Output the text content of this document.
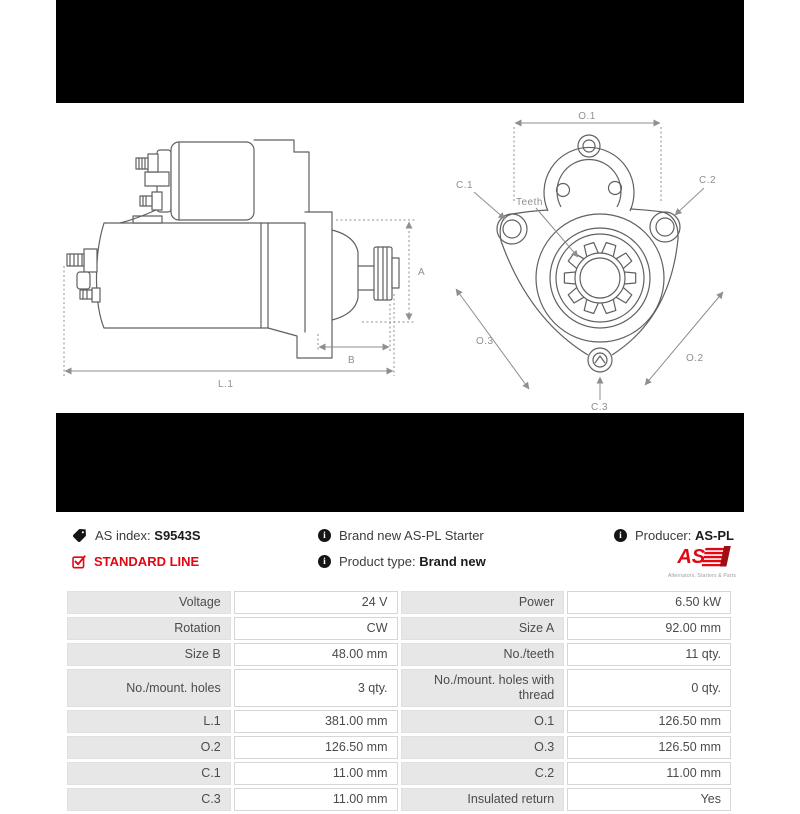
A
B
L.1
O.1
C.1	C.2
Teeth
O.3
O.2
C.3
AS index: S9543S
STANDARD LINE
i	Brand new AS-PL Starter
i	Product type: Brand new
i	Producer: AS-PL
AS
Alternators, Starters & Parts
Voltage	24 V	Power	6.50 kW
Rotation	CW	Size A	92.00 mm
Size B	48.00 mm	No./teeth	11 qty.
No./mount. holes	3 qty.	No./mount. holes with thread	0 qty.
L.1	381.00 mm	O.1	126.50 mm
O.2	126.50 mm	O.3	126.50 mm
C.1	11.00 mm	C.2	11.00 mm
C.3	11.00 mm	Insulated return	Yes
